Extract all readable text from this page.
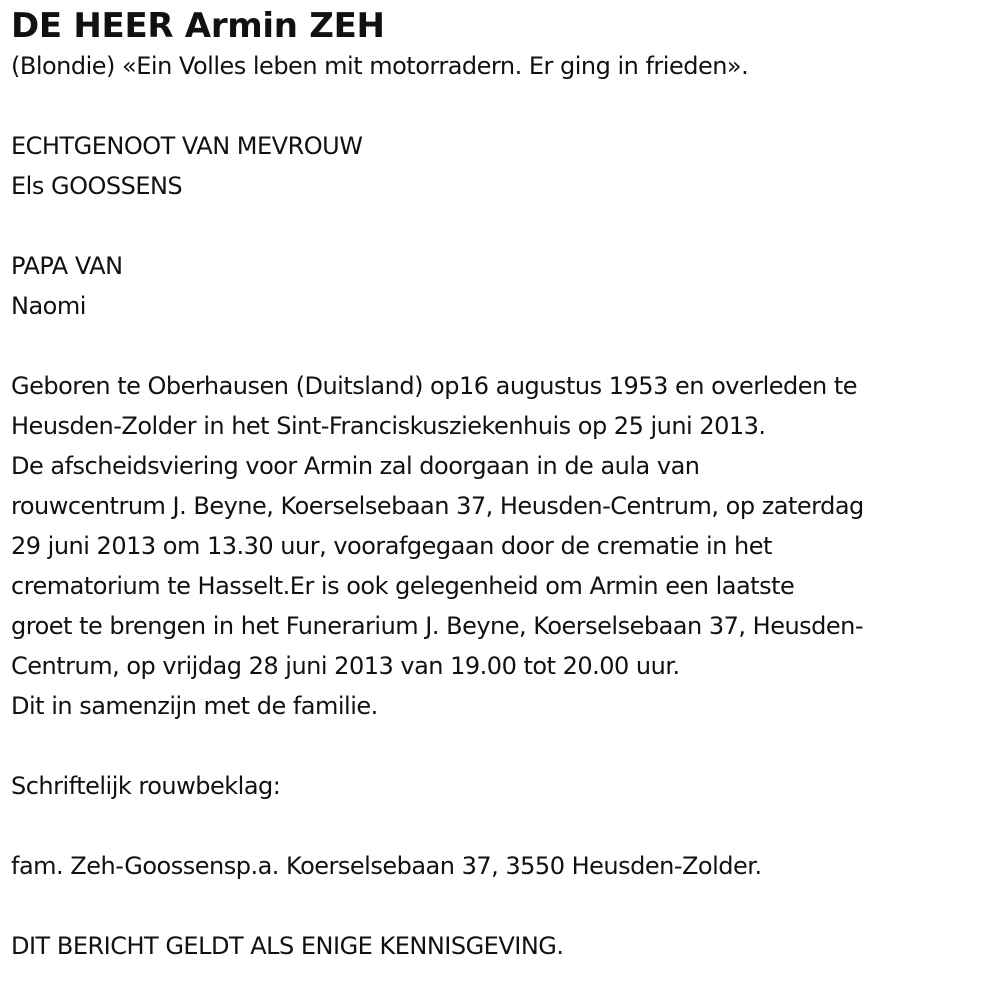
DE HEER Armin ZEH
(Blondie) «Ein Volles leben mit motorradern. Er ging in frieden».
ECHTGENOOT VAN MEVROUW
Els GOOSSENS
PAPA VAN
Naomi
Geboren te Oberhausen (Duitsland) op16 augustus 1953 en overleden te
Heusden-Zolder in het Sint-Franciskusziekenhuis op 25 juni 2013.
De afscheidsviering voor Armin zal doorgaan in de aula van
rouwcentrum J. Beyne, Koerselsebaan 37, Heusden-Centrum, op zaterdag
29 juni 2013 om 13.30 uur, voorafgegaan door de crematie in het
crematorium te Hasselt.Er is ook gelegenheid om Armin een laatste
groet te brengen in het Funerarium J. Beyne, Koerselsebaan 37, Heusden-
Centrum, op vrijdag 28 juni 2013 van 19.00 tot 20.00 uur.
Dit in samenzijn met de familie.
Schriftelijk rouwbeklag:
fam. Zeh-Goossensp.a. Koerselsebaan 37, 3550 Heusden-Zolder.
DIT BERICHT GELDT ALS ENIGE KENNISGEVING.
